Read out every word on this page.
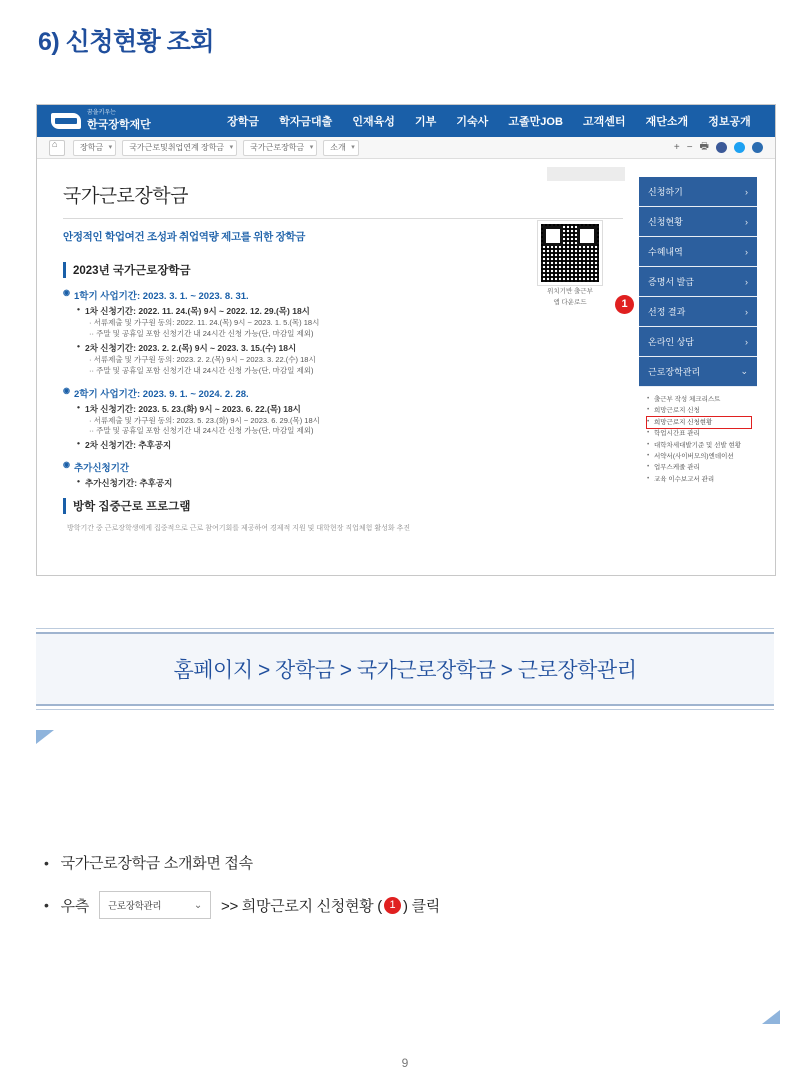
6) 신청현황 조회
꿈을키우는
한국장학재단	장학금 학자금대출 인재육성 기부 기숙사 고졸만JOB 고객센터 재단소개 정보공개
⌂
장학금 ▾	국가근로및취업연계 장학금 ▾	국가근로장학금 ▾	소개 ▾	+ − 🖶
국가근로장학금
안정적인 학업여건 조성과 취업역량 제고를 위한 장학금
2023년 국가근로장학금
◉ 1학기 사업기간: 2023. 3. 1. ~ 2023. 8. 31.
• 1차 신청기간: 2022. 11. 24.(목) 9시 ~ 2022. 12. 29.(목) 18시
· 서류제출 및 가구원 동의: 2022. 11. 24.(목) 9시 ~ 2023. 1. 5.(목) 18시
·· 주말 및 공휴일 포함 신청기간 내 24시간 신청 가능(단, 마감일 제외)
• 2차 신청기간: 2023. 2. 2.(목) 9시 ~ 2023. 3. 15.(수) 18시
· 서류제출 및 가구원 동의: 2023. 2. 2.(목) 9시 ~ 2023. 3. 22.(수) 18시
·· 주말 및 공휴일 포함 신청기간 내 24시간 신청 가능(단, 마감일 제외)
◉ 2학기 사업기간: 2023. 9. 1. ~ 2024. 2. 28.
• 1차 신청기간: 2023. 5. 23.(화) 9시 ~ 2023. 6. 22.(목) 18시
· 서류제출 및 가구원 동의: 2023. 5. 23.(화) 9시 ~ 2023. 6. 29.(목) 18시
·· 주말 및 공휴일 포함 신청기간 내 24시간 신청 가능(단, 마감일 제외)
• 2차 신청기간: 추후공지
◉ 추가신청기간
• 추가신청기간: 추후공지
방학 집중근로 프로그램
방학기간 중 근로장학생에게 집중적으로 근로 참여기회를 제공하여 경제적 지원 및 대학현장 직업체험 활성화 추진
위치기반 출근부
앱 다운로드
신청하기	›
신청현황	›
수혜내역	›
증명서 발급	›
선정 결과	›
온라인 상담	›
근로장학관리	⌄
• 출근부 작성 체크리스트
• 희망근로지 신청
• 희망근로지 신청현황
• 학업시간표 관리
• 대학차세대발기준 및 선발 현황
• 서약서(사이버모의)엔데이션
• 업무스케줄 관리
• 교육 이수보고서 관리
1
홈페이지 > 장학금 > 국가근로장학금 > 근로장학관리
• 국가근로장학금 소개화면 접속
• 우측 근로장학관리	⌄ >> 희망근로지 신청현황 ( 1 ) 클릭
9
